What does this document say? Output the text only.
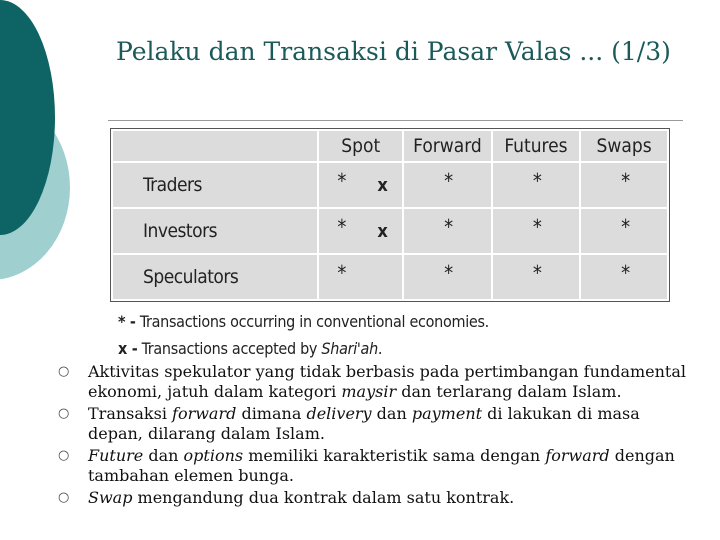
Pelaku dan Transaksi di Pasar Valas ... (1/3)
	Spot	Forward	Futures	Swaps
Traders	* x	*	*	*

Investors	* x	*	*	*

Speculators	*	*	*	*
* - Transactions occurring in conventional economies.
x - Transactions accepted by Shari'ah.
○ Aktivitas spekulator yang tidak berbasis pada pertimbangan fundamental ekonomi, jatuh dalam kategori maysir dan terlarang dalam Islam.
○ Transaksi forward dimana delivery dan payment di lakukan di masa depan, dilarang dalam Islam.
○ Future dan options memiliki karakteristik sama dengan forward dengan tambahan elemen bunga.
○ Swap mengandung dua kontrak dalam satu kontrak.
